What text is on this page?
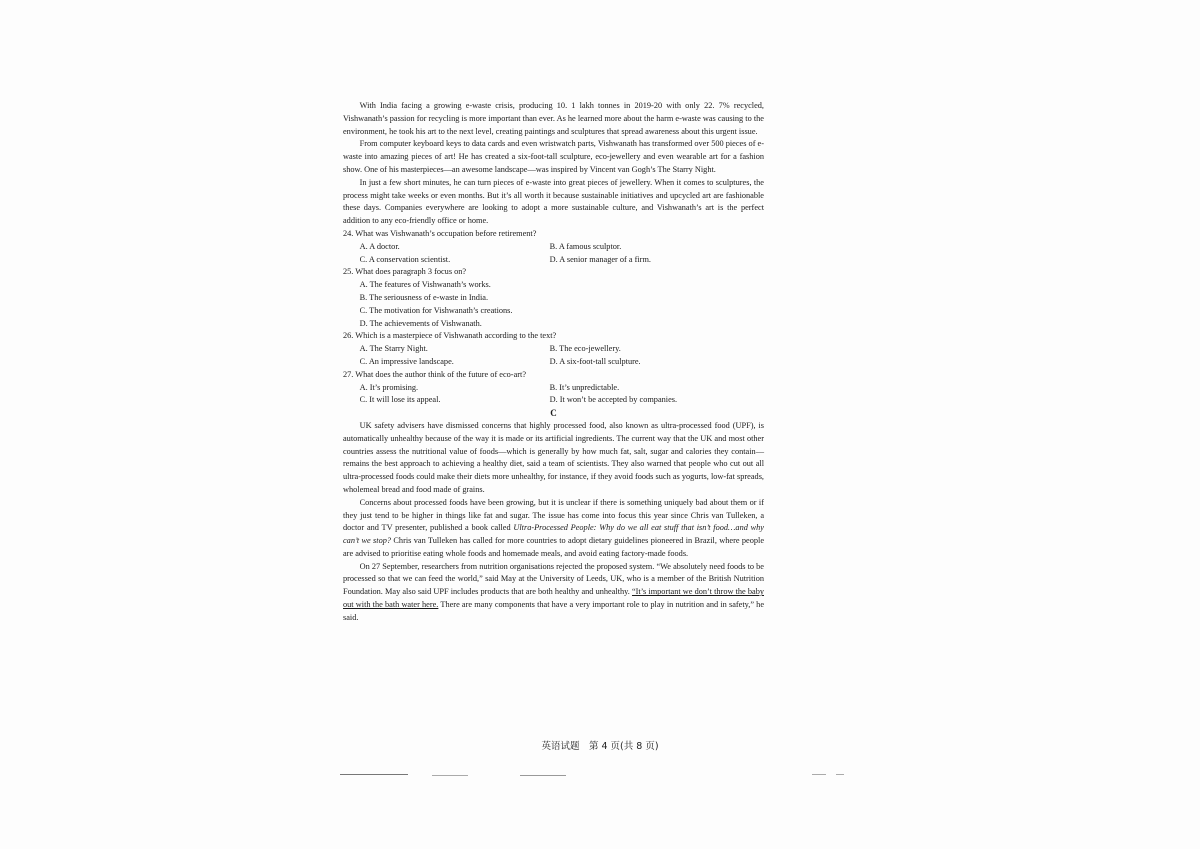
With India facing a growing e-waste crisis, producing 10. 1 lakh tonnes in 2019-20 with only 22. 7% recycled, Vishwanath’s passion for recycling is more important than ever. As he learned more about the harm e-waste was causing to the environment, he took his art to the next level, creating paintings and sculptures that spread awareness about this urgent issue.

From computer keyboard keys to data cards and even wristwatch parts, Vishwanath has transformed over 500 pieces of e-waste into amazing pieces of art! He has created a six-foot-tall sculpture, eco-jewellery and even wearable art for a fashion show. One of his masterpieces—an awesome landscape—was inspired by Vincent van Gogh’s The Starry Night.

In just a few short minutes, he can turn pieces of e-waste into great pieces of jewellery. When it comes to sculptures, the process might take weeks or even months. But it’s all worth it because sustainable initiatives and upcycled art are fashionable these days. Companies everywhere are looking to adopt a more sustainable culture, and Vishwanath’s art is the perfect addition to any eco-friendly office or home.

24. What was Vishwanath’s occupation before retirement?
A. A doctor.	B. A famous sculptor.
C. A conservation scientist.	D. A senior manager of a firm.
25. What does paragraph 3 focus on?
A. The features of Vishwanath’s works.
B. The seriousness of e-waste in India.
C. The motivation for Vishwanath’s creations.
D. The achievements of Vishwanath.
26. Which is a masterpiece of Vishwanath according to the text?
A. The Starry Night.	B. The eco-jewellery.
C. An impressive landscape.	D. A six-foot-tall sculpture.
27. What does the author think of the future of eco-art?
A. It’s promising.	B. It’s unpredictable.
C. It will lose its appeal.	D. It won’t be accepted by companies.
C

UK safety advisers have dismissed concerns that highly processed food, also known as ultra-processed food (UPF), is automatically unhealthy because of the way it is made or its artificial ingredients. The current way that the UK and most other countries assess the nutritional value of foods—which is generally by how much fat, salt, sugar and calories they contain—remains the best approach to achieving a healthy diet, said a team of scientists. They also warned that people who cut out all ultra-processed foods could make their diets more unhealthy, for instance, if they avoid foods such as yogurts, low-fat spreads, wholemeal bread and food made of grains.

Concerns about processed foods have been growing, but it is unclear if there is something uniquely bad about them or if they just tend to be higher in things like fat and sugar. The issue has come into focus this year since Chris van Tulleken, a doctor and TV presenter, published a book called Ultra-Processed People: Why do we all eat stuff that isn’t food…and why can’t we stop? Chris van Tulleken has called for more countries to adopt dietary guidelines pioneered in Brazil, where people are advised to prioritise eating whole foods and homemade meals, and avoid eating factory-made foods.

On 27 September, researchers from nutrition organisations rejected the proposed system. “We absolutely need foods to be processed so that we can feed the world,” said May at the University of Leeds, UK, who is a member of the British Nutrition Foundation. May also said UPF includes products that are both healthy and unhealthy. “It’s important we don’t throw the baby out with the bath water here. There are many components that have a very important role to play in nutrition and in safety,” he said.

英语试题　第 4 页(共 8 页)
